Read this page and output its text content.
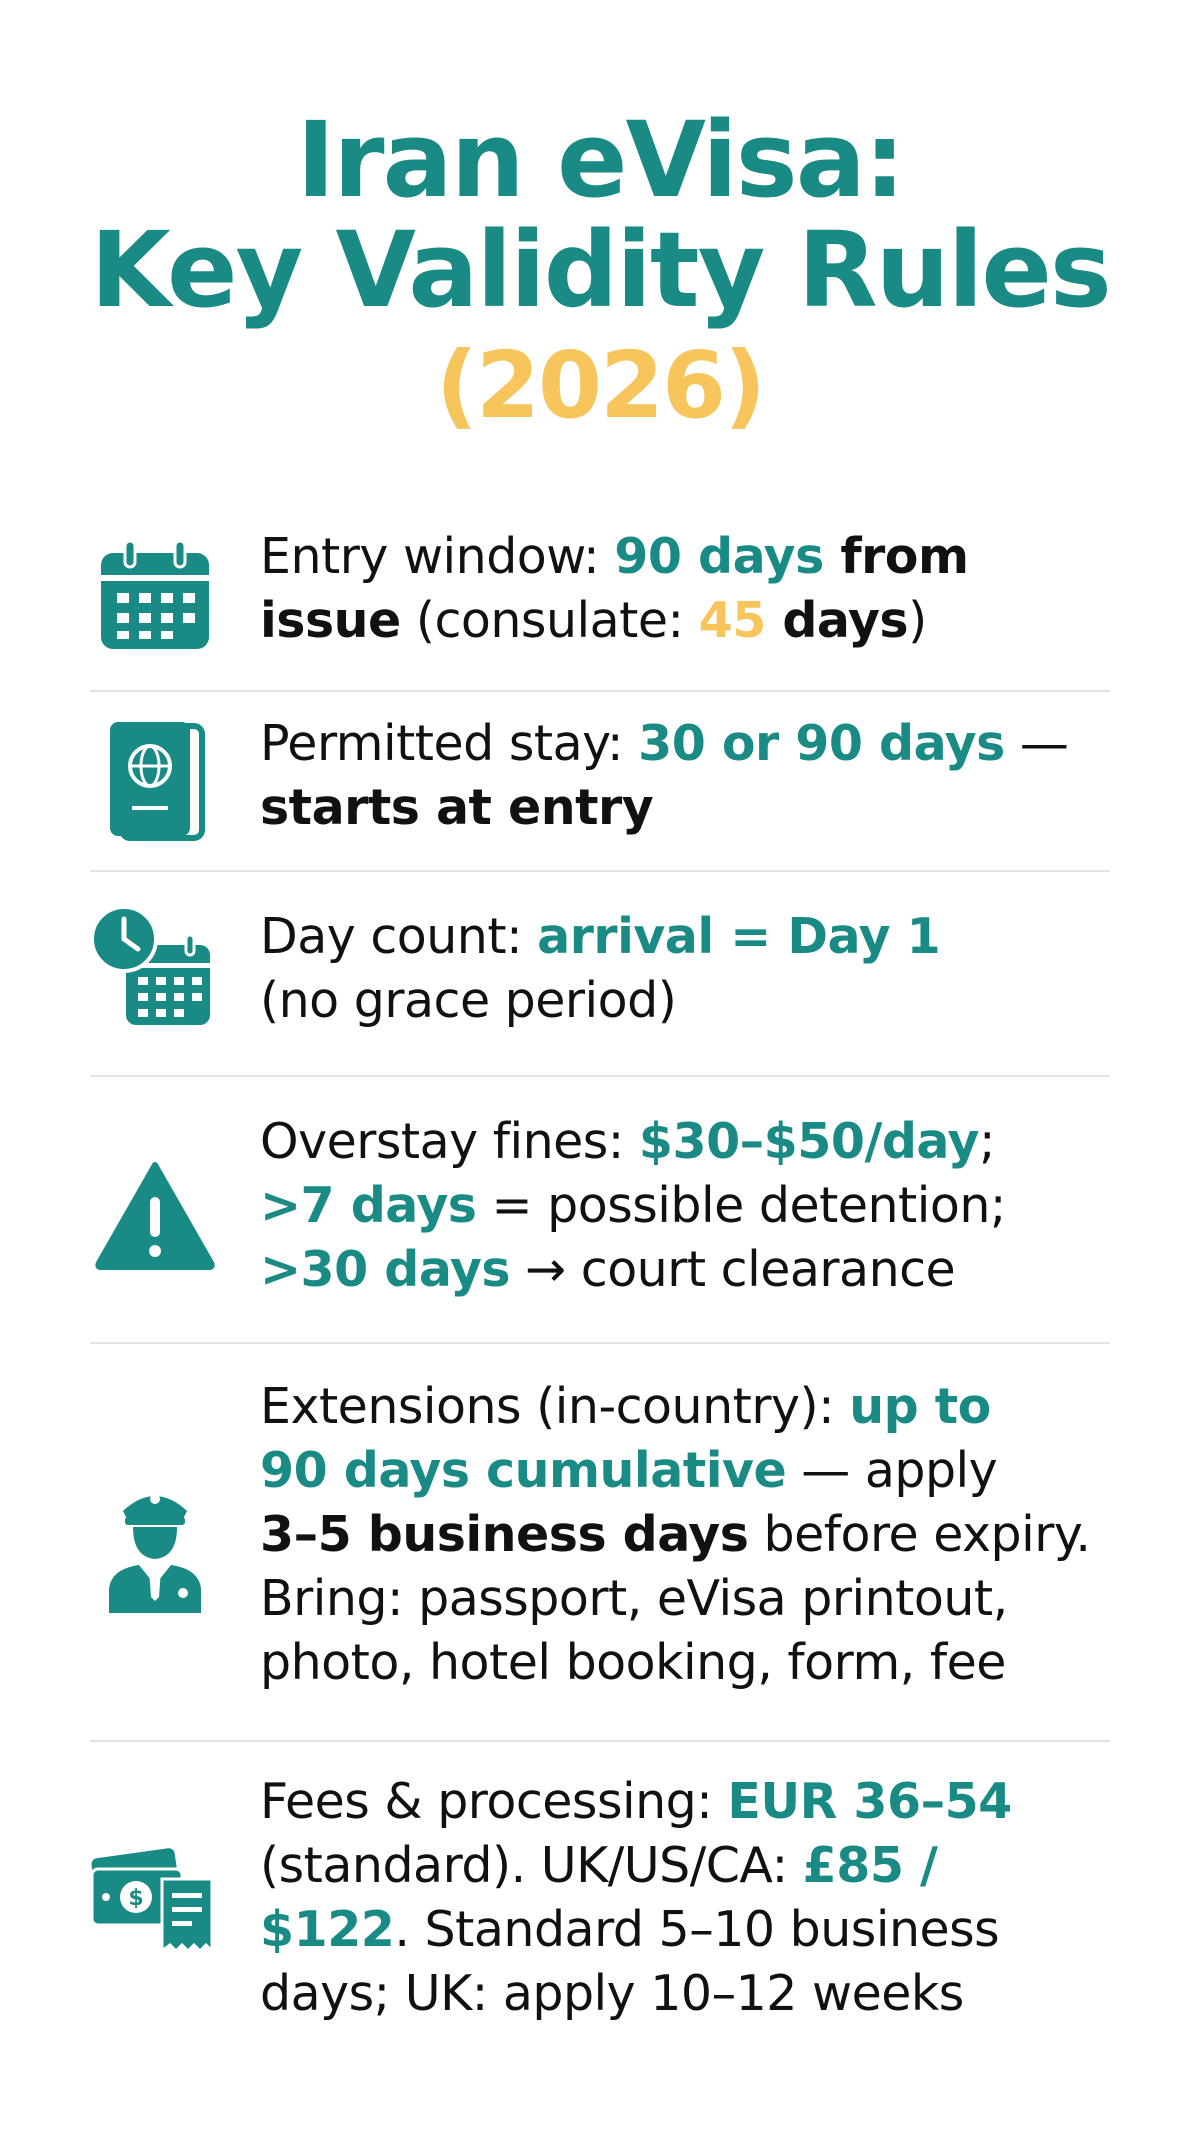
Iran eVisa:
Key Validity Rules
(2026)
Entry window: 90 days from
issue (consulate: 45 days)
Permitted stay: 30 or 90 days —
starts at entry
Day count: arrival = Day 1
(no grace period)
Overstay fines: $30–$50/day;
>7 days = possible detention;
>30 days → court clearance
Extensions (in-country): up to
90 days cumulative — apply
3–5 business days before expiry.
Bring: passport, eVisa printout,
photo, hotel booking, form, fee
$
Fees & processing: EUR 36–54
(standard). UK/US/CA: £85 /
$122. Standard 5–10 business
days; UK: apply 10–12 weeks
